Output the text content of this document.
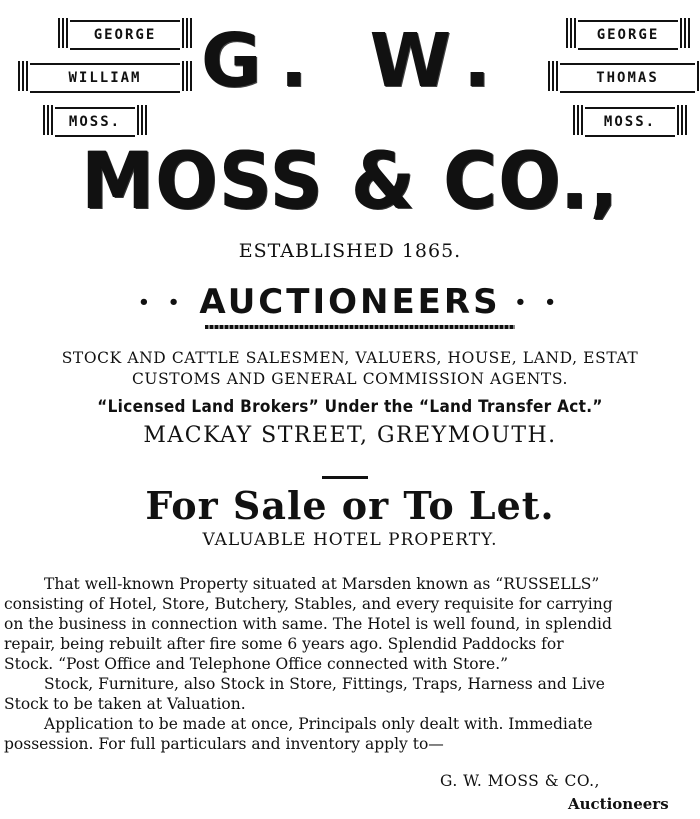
GEORGE
WILLIAM
MOSS.
G. W.	GEORGE
THOMAS
MOSS.
MOSS & CO.,
ESTABLISHED 1865.
• • AUCTIONEERS • •
STOCK AND CATTLE SALESMEN, VALUERS, HOUSE, LAND, ESTAT
CUSTOMS AND GENERAL COMMISSION AGENTS.
“Licensed Land Brokers” Under the “Land Transfer Act.”
MACKAY STREET, GREYMOUTH.
For Sale or To Let.
VALUABLE HOTEL PROPERTY.

That well-known Property situated at Marsden known as “RUSSELLS”
consisting of Hotel, Store, Butchery, Stables, and every requisite for carrying
on the business in connection with same. The Hotel is well found, in splendid
repair, being rebuilt after fire some 6 years ago. Splendid Paddocks for
Stock. “Post Office and Telephone Office connected with Store.”

Stock, Furniture, also Stock in Store, Fittings, Traps, Harness and Live
Stock to be taken at Valuation.

Application to be made at once, Principals only dealt with. Immediate
possession. For full particulars and inventory apply to—

G. W. MOSS & CO.,
Auctioneers
